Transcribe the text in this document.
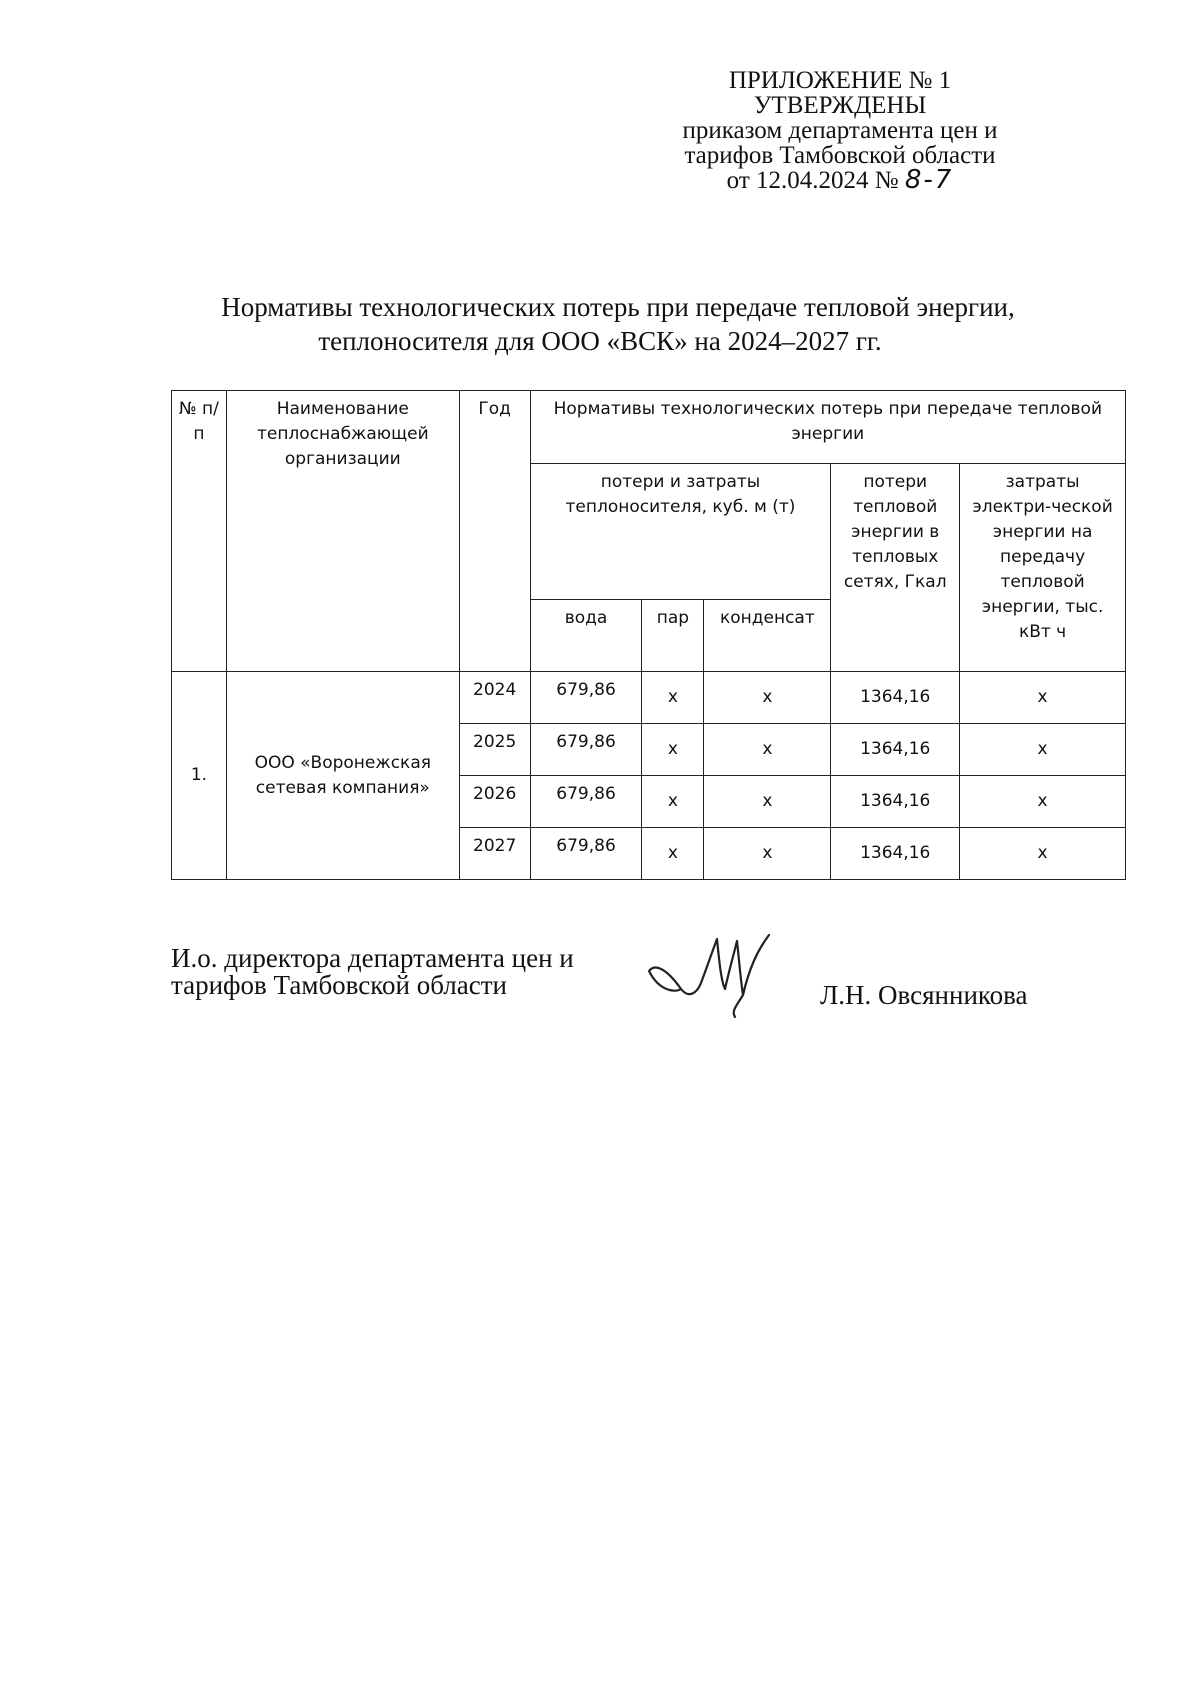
ПРИЛОЖЕНИЕ № 1
УТВЕРЖДЕНЫ
приказом департамента цен и
тарифов Тамбовской области
от 12.04.2024 № 8-7
Нормативы технологических потерь при передаче тепловой энергии,
теплоносителя для ООО «ВСК» на 2024–2027 гг.
№ п/п	Наименование теплоснабжающей организации	Год	Нормативы технологических потерь при передаче тепловой энергии				
			потери и затраты теплоносителя, куб. м (т)			потери тепловой энергии в тепловых сетях, Гкал	затраты электри-ческой энергии на передачу тепловой энергии, тыс. кВт ч
			вода	пар	конденсат		
1.	ООО «Воронежская сетевая компания»	2024	679,86	х	х	1364,16	х
		2025	679,86	х	х	1364,16	х
		2026	679,86	х	х	1364,16	х
		2027	679,86	х	х	1364,16	х
И.о. директора департамента цен и
тарифов Тамбовской области	Л.Н. Овсянникова
